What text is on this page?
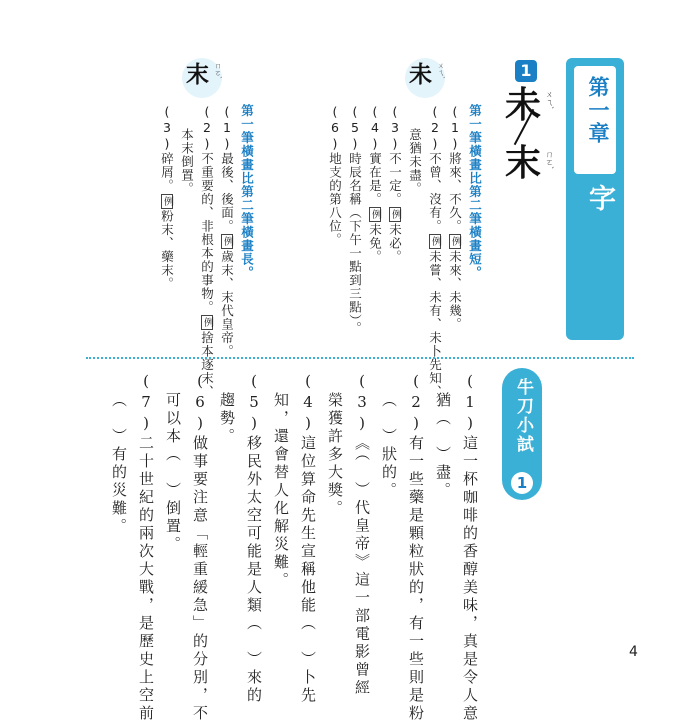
第一章
容易寫錯的字
1
未 ㄨㄟˋ
末 ㄇㄛˋ
未 ㄨㄟˋ
第一筆橫畫比第二筆橫畫短。
(1)將來、不久。例未來、未幾。
(2)不曾、沒有。例未嘗、未有、未卜先知、
意猶未盡。
(3)不一定。例未必。
(4)實在是。例未免。
(5)時辰名稱（下午一點到三點）。
(6)地支的第八位。
末 ㄇㄛˋ
第一筆橫畫比第二筆橫畫長。
(1)最後、後面。例歲末、末代皇帝。
(2)不重要的、非根本的事物。例捨本逐末、
本末倒置。
(3)碎屑。例粉末、藥末。
牛刀小試
1
(1)這一杯咖啡的香醇美味，真是令人意
猶（　）盡。
(2)有一些藥是顆粒狀的，有一些則是粉
（　）狀的。
(3)《（　）代皇帝》這一部電影曾經
榮獲許多大獎。
(4)這位算命先生宣稱他能（　）卜先
知，還會替人化解災難。
(5)移民外太空可能是人類（　）來的
趨勢。
(6)做事要注意「輕重緩急」的分別，不
可以本（　）倒置。
(7)二十世紀的兩次大戰，是歷史上空前
（　）有的災難。
4
